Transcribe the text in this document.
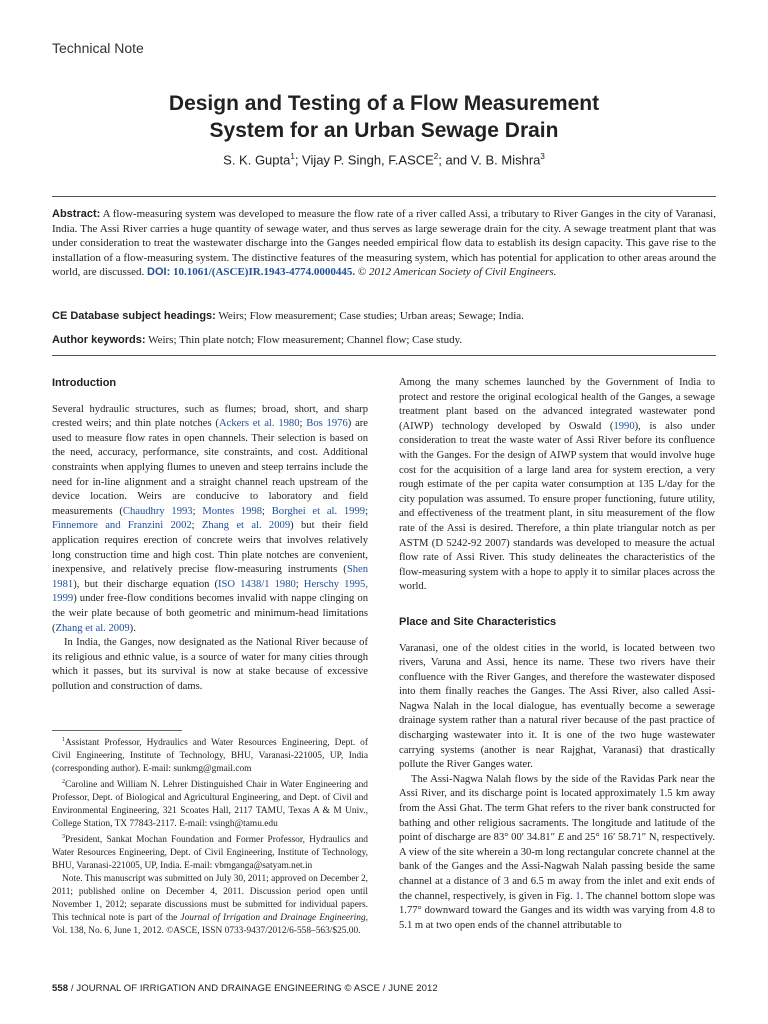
Technical Note
Design and Testing of a Flow Measurement
System for an Urban Sewage Drain
S. K. Gupta$^1$; Vijay P. Singh, F.ASCE$^2$; and V. B. Mishra$^3$
Abstract: A flow-measuring system was developed to measure the flow rate of a river called Assi, a tributary to River Ganges in the city of Varanasi, India. The Assi River carries a huge quantity of sewage water, and thus serves as large sewerage drain for the city. A sewage treatment plant that was under consideration to treat the wastewater discharge into the Ganges needed empirical flow data to establish its design capacity. This gave rise to the installation of a flow-measuring system. The distinctive features of the measuring system, which has potential for application to other areas around the world, are discussed. DOI: 10.1061/(ASCE)IR.1943-4774.0000445. © 2012 American Society of Civil Engineers.
CE Database subject headings: Weirs; Flow measurement; Case studies; Urban areas; Sewage; India.
Author keywords: Weirs; Thin plate notch; Flow measurement; Channel flow; Case study.

Introduction

Several hydraulic structures, such as flumes; broad, short, and sharp crested weirs; and thin plate notches (Ackers et al. 1980; Bos 1976) are used to measure flow rates in open channels. Their selection is based on the need, accuracy, performance, site constraints, and cost. Additional constraints when applying flumes to uneven and steep terrains include the need for in-line alignment and a straight channel reach upstream of the device location. Weirs are conducive to laboratory and field measurements (Chaudhry 1993; Montes 1998; Borghei et al. 1999; Finnemore and Franzini 2002; Zhang et al. 2009) but their field application requires erection of concrete weirs that involves relatively long construction time and high cost. Thin plate notches are convenient, inexpensive, and relatively precise flow-measuring instruments (Shen 1981), but their discharge equation (ISO 1438/1 1980; Herschy 1995, 1999) under free-flow conditions becomes invalid with nappe clinging on the weir plate because of both geometric and minimum-head limitations (Zhang et al. 2009).

In India, the Ganges, now designated as the National River because of its religious and ethnic value, is a source of water for many cities through which it passes, but its survival is now at stake because of excessive pollution and construction of dams.

$^1$Assistant Professor, Hydraulics and Water Resources Engineering, Dept. of Civil Engineering, Institute of Technology, BHU, Varanasi-221005, UP, India (corresponding author). E-mail: sunkmg@gmail.com

$^2$Caroline and William N. Lehrer Distinguished Chair in Water Engineering and Professor, Dept. of Biological and Agricultural Engineering, and Dept. of Civil and Environmental Engineering, 321 Scoates Hall, 2117 TAMU, Texas A & M Univ., College Station, TX 77843-2117. E-mail: vsingh@tamu.edu

$^3$President, Sankat Mochan Foundation and Former Professor, Hydraulics and Water Resources Engineering, Dept. of Civil Engineering, Institute of Technology, BHU, Varanasi-221005, UP, India. E-mail: vbmganga@satyam.net.in

Note. This manuscript was submitted on July 30, 2011; approved on December 2, 2011; published online on December 4, 2011. Discussion period open until November 1, 2012; separate discussions must be submitted for individual papers. This technical note is part of the Journal of Irrigation and Drainage Engineering, Vol. 138, No. 6, June 1, 2012. ©ASCE, ISSN 0733-9437/2012/6-558–563/$25.00.

Among the many schemes launched by the Government of India to protect and restore the original ecological health of the Ganges, a sewage treatment plant based on the advanced integrated wastewater pond (AIWP) technology developed by Oswald (1990), is also under consideration to treat the waste water of Assi River before its confluence with the Ganges. For the design of AIWP system that would involve huge cost for the acquisition of a large land area for system erection, a very rough estimate of the per capita water consumption at 135 L/day for the city population was assumed. To ensure proper functioning, future utility, and effectiveness of the treatment plant, in situ measurement of the flow rate of the Assi is desired. Therefore, a thin plate triangular notch as per ASTM (D 5242-92 2007) standards was developed to measure the actual flow rate of Assi River. This study delineates the characteristics of the flow-measuring system with a hope to apply it to similar places across the world.

Place and Site Characteristics

Varanasi, one of the oldest cities in the world, is located between two rivers, Varuna and Assi, hence its name. These two rivers have their confluence with the River Ganges, and therefore the wastewater disposed into them finally reaches the Ganges. The Assi River, also called Assi-Nagwa Nalah in the local dialogue, has eventually become a sewerage drainage system rather than a natural river because of the past practice of discharging wastewater into it. It is one of the two huge wastewater carrying systems (another is near Rajghat, Varanasi) that drastically pollute the River Ganges water.

The Assi-Nagwa Nalah flows by the side of the Ravidas Park near the Assi River, and its discharge point is located approximately 1.5 km away from the Assi Ghat. The term Ghat refers to the river bank constructed for bathing and other religious sacraments. The longitude and latitude of the point of discharge are 83° 00′ 34.81″ E and 25° 16′ 58.71″ N, respectively. A view of the site wherein a 30-m long rectangular concrete channel at the bank of the Ganges and the Assi-Nagwah Nalah passing beside the same channel at a distance of 3 and 6.5 m away from the inlet and exit ends of the channel, respectively, is given in Fig. 1. The channel bottom slope was 1.77° downward toward the Ganges and its width was varying from 4.8 to 5.1 m at two open ends of the channel attributable to

558 / JOURNAL OF IRRIGATION AND DRAINAGE ENGINEERING © ASCE / JUNE 2012
